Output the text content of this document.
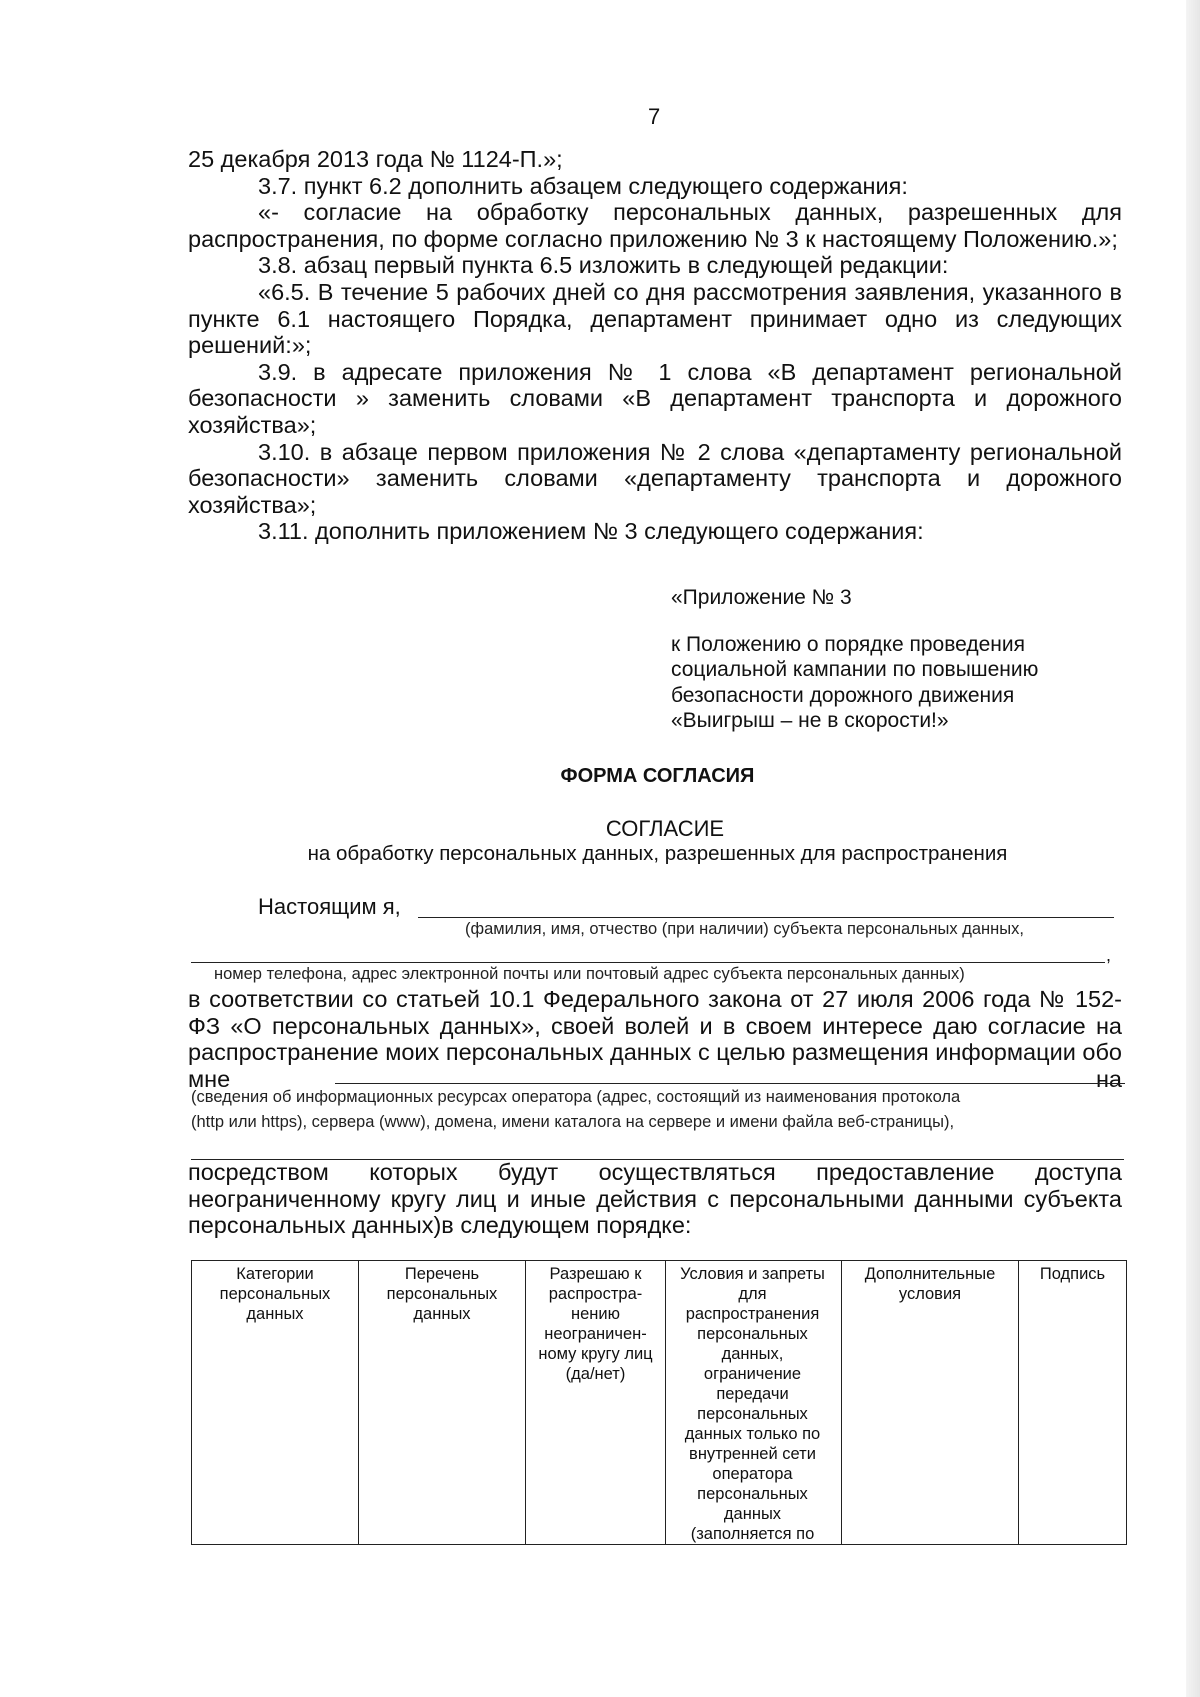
7

25 декабря 2013 года № 1124-П.»;

3.7. пункт 6.2 дополнить абзацем следующего содержания:

«- согласие на обработку персональных данных, разрешенных для распространения, по форме согласно приложению № 3 к настоящему Положению.»;

3.8. абзац первый пункта 6.5 изложить в следующей редакции:

«6.5. В течение 5 рабочих дней со дня рассмотрения заявления, указанного в пункте 6.1 настоящего Порядка, департамент принимает одно из следующих решений:»;

3.9. в адресате приложения № 1 слова «В департамент региональной безопасности » заменить словами «В департамент транспорта и дорожного хозяйства»;

3.10. в абзаце первом приложения № 2 слова «департаменту региональной безопасности» заменить словами «департаменту транспорта и дорожного хозяйства»;

3.11. дополнить приложением № 3 следующего содержания:

«Приложение № 3
к Положению о порядке проведения
социальной кампании по повышению
безопасности дорожного движения
«Выигрыш – не в скорости!»
ФОРМА СОГЛАСИЯ
СОГЛАСИЕ
на обработку персональных данных, разрешенных для распространения
Настоящим я,
(фамилия, имя, отчество (при наличии) субъекта персональных данных,
,
номер телефона, адрес электронной почты или почтовый адрес субъекта персональных данных)

в соответствии со статьей 10.1 Федерального закона от 27 июля 2006 года № 152-ФЗ «О персональных данных», своей волей и в своем интересе даю согласие на распространение моих персональных данных с целью размещения информации обо мне на

(сведения об информационных ресурсах оператора (адрес, состоящий из наименования протокола
(http или https), сервера (www), домена, имени каталога на сервере и имени файла веб-страницы),

посредством которых будут осуществляться предоставление доступа неограниченному кругу лиц и иные действия с персональными данными субъекта персональных данных)в следующем порядке:

Категории персональных данных	Перечень персональных данных	Разрешаю к распростра-нению неограничен-ному кругу лиц (да/нет)	Условия и запреты для распространения персональных данных, ограничение передачи персональных данных только по внутренней сети оператора персональных данных (заполняется по	Дополнительные условия	Подпись
